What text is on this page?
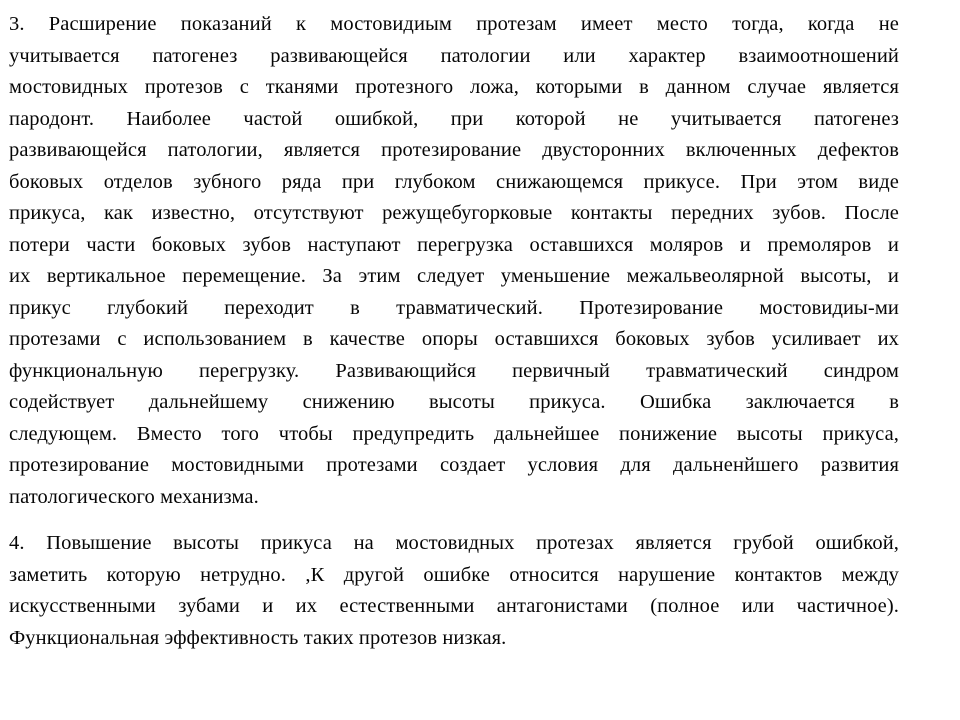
3. Расширение показаний к мостовидиым протезам имеет место тогда, когда не
учитывается патогенез развивающейся патологии или характер взаимоотношений
мостовидных протезов с тканями протезного ложа, которыми в данном случае является
пародонт. Наиболее частой ошибкой, при которой не учитывается патогенез
развивающейся патологии, является протезирование двусторонних включенных дефектов
боковых отделов зубного ряда при глубоком снижающемся прикусе. При этом виде
прикуса, как известно, отсутствуют режущебугорковые контакты передних зубов. После
потери части боковых зубов наступают перегрузка оставшихся моляров и премоляров и
их вертикальное перемещение. За этим следует уменьшение межальвеолярной высоты, и
прикус глубокий переходит в травматический. Протезирование мостовидиы-ми
протезами с использованием в качестве опоры оставшихся боковых зубов усиливает их
функциональную перегрузку. Развивающийся первичный травматический синдром
содействует дальнейшему снижению высоты прикуса. Ошибка заключается в
следующем. Вместо того чтобы предупредить дальнейшее понижение высоты прикуса,
протезирование мостовидными протезами создает условия для дальненйшего развития
патологического механизма.
4. Повышение высоты прикуса на мостовидных протезах является грубой ошибкой,
заметить которую нетрудно. ,К другой ошибке относится нарушение контактов между
искусственными зубами и их естественными антагонистами (полное или частичное).
Функциональная эффективность таких протезов низкая.
